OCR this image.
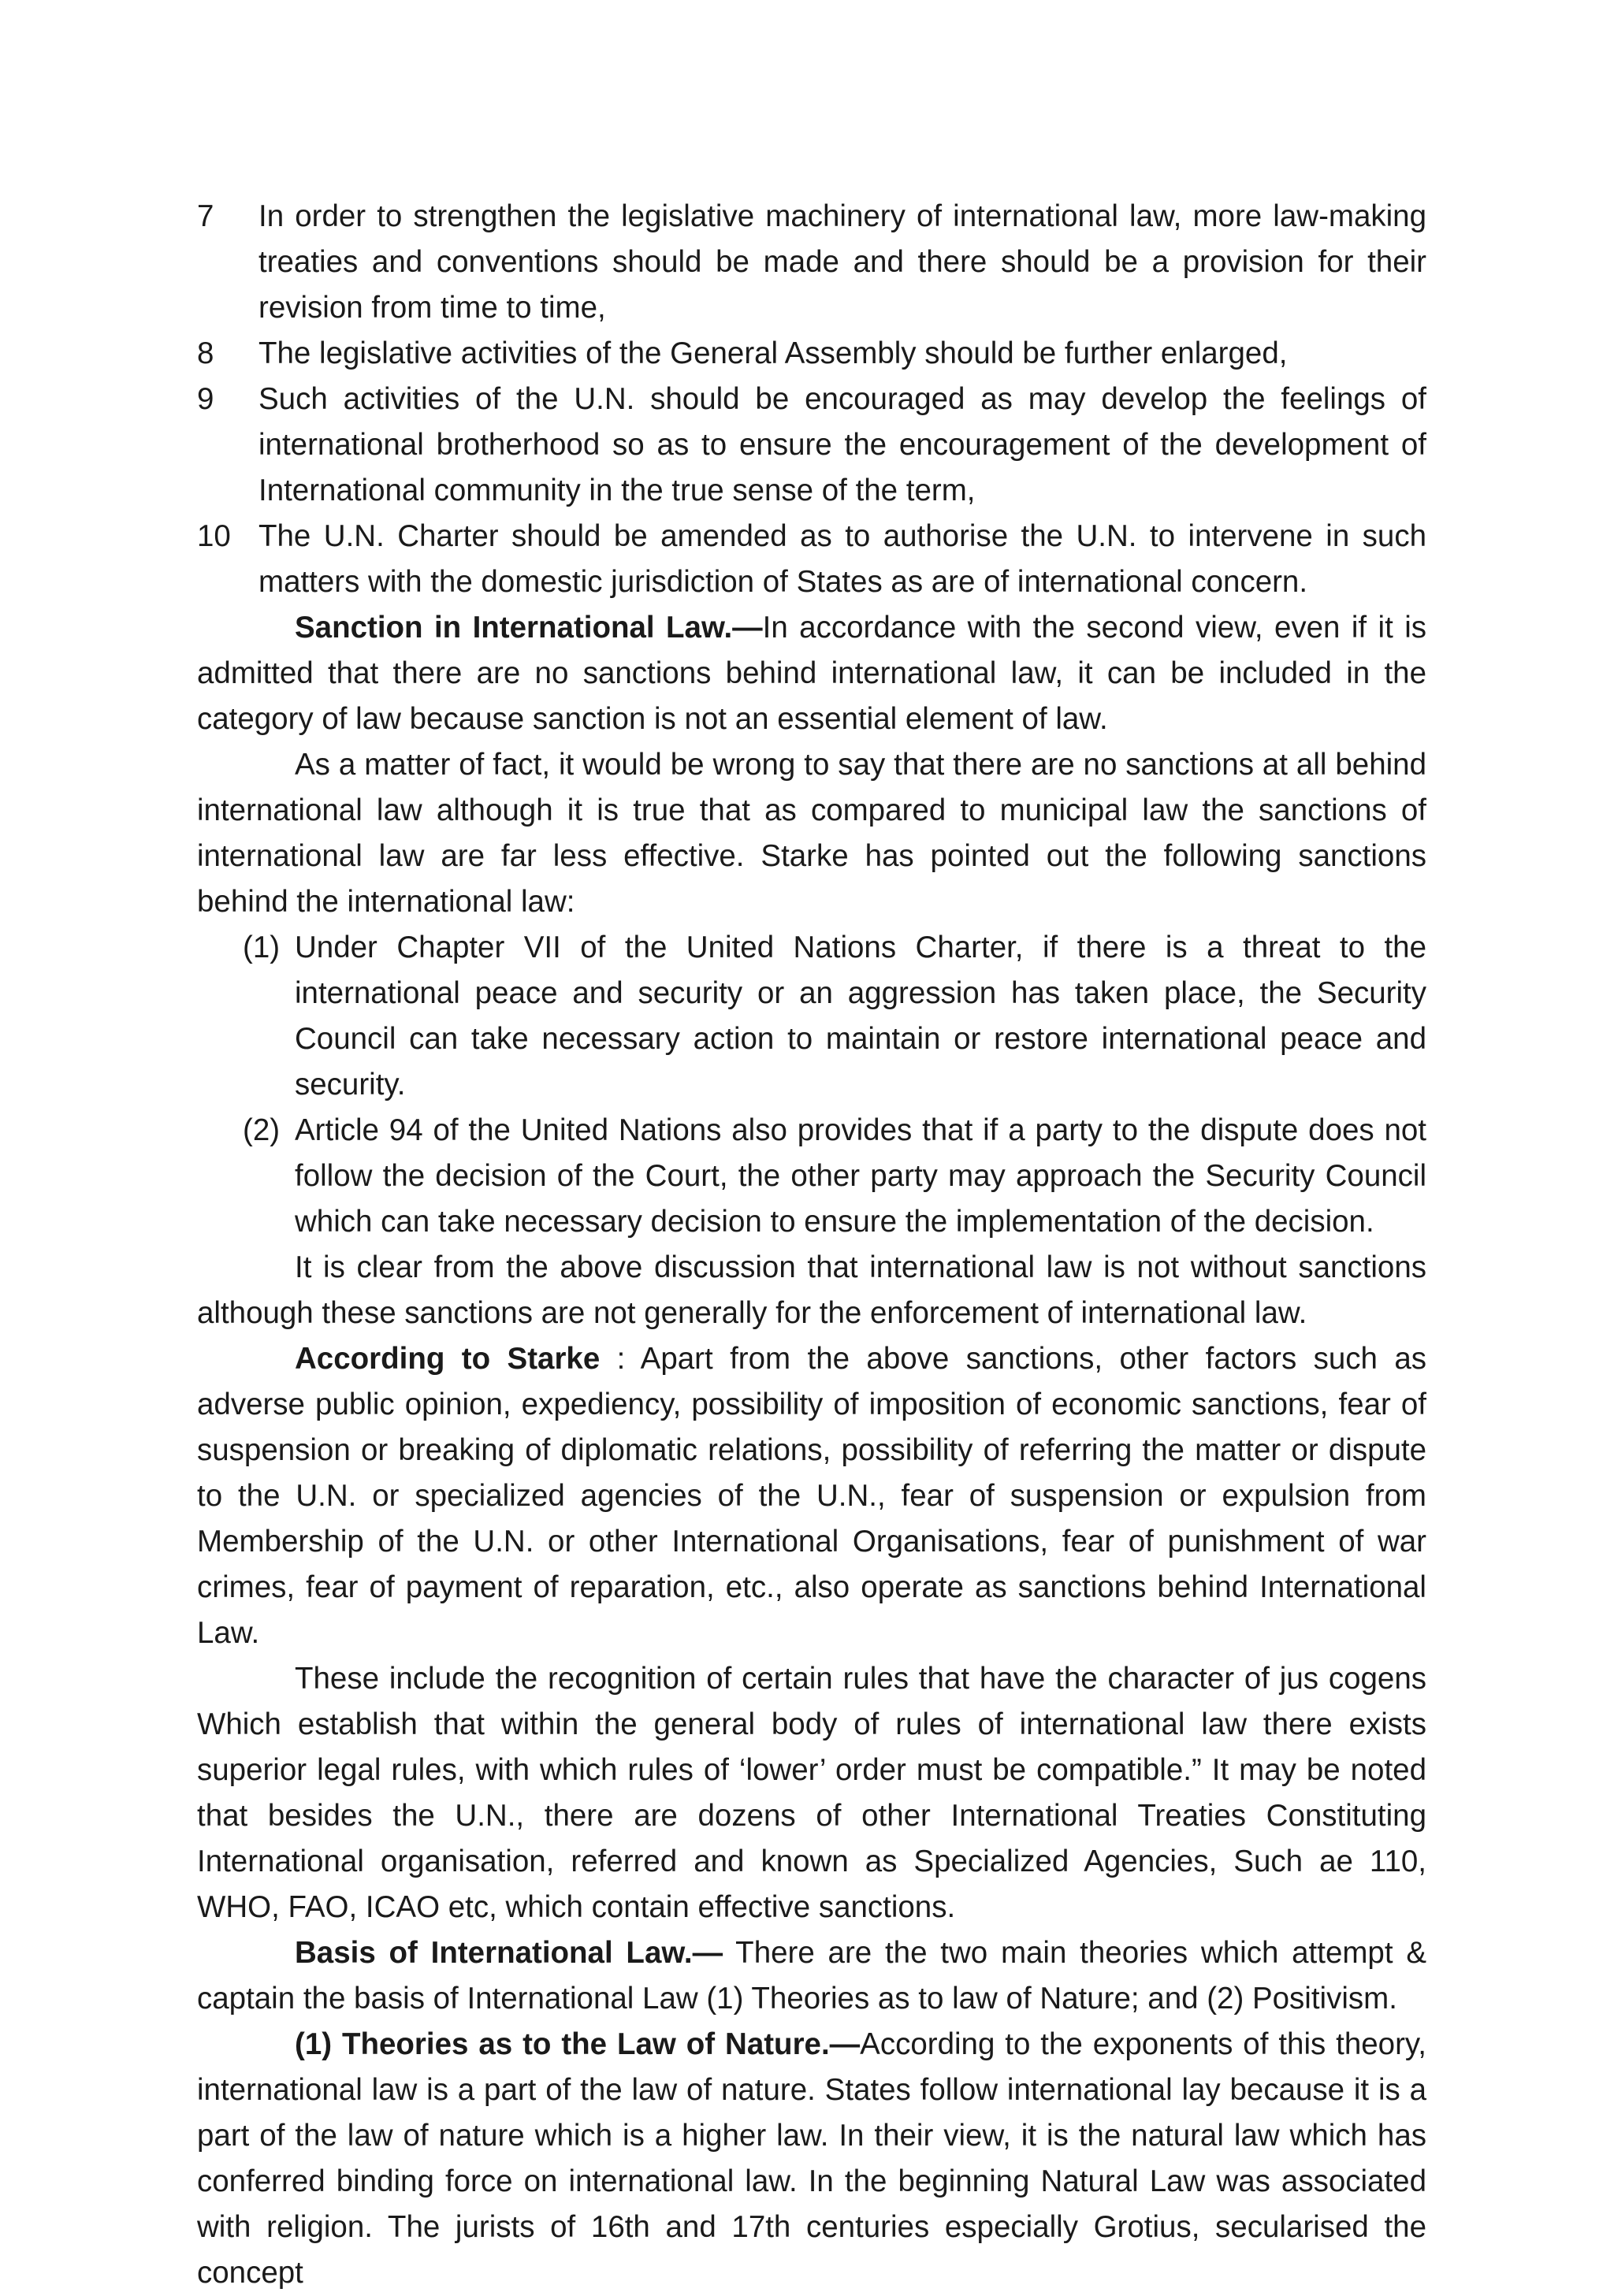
7	In order to strengthen the legislative machinery of international law, more law-making treaties and conventions should be made and there should be a provision for their revision from time to time,
8	The legislative activities of the General Assembly should be further enlarged,
9	Such activities of the U.N. should be encouraged as may develop the feelings of international brotherhood so as to ensure the encouragement of the development of International community in the true sense of the term,
10 The U.N. Charter should be amended as to authorise the U.N. to intervene in such matters with the domestic jurisdiction of States as are of international concern.

Sanction in International Law.—In accordance with the second view, even if it is admitted that there are no sanctions behind international law, it can be included in the category of law because sanction is not an essential element of law.

As a matter of fact, it would be wrong to say that there are no sanctions at all behind international law although it is true that as compared to municipal law the sanctions of international law are far less effective. Starke has pointed out the following sanctions behind the international law:

(1) Under Chapter VII of the United Nations Charter, if there is a threat to the international peace and security or an aggression has taken place, the Security Council can take necessary action to maintain or restore international peace and security.
(2) Article 94 of the United Nations also provides that if a party to the dispute does not follow the decision of the Court, the other party may approach the Security Council which can take necessary decision to ensure the implementation of the decision.

It is clear from the above discussion that international law is not without sanctions although these sanctions are not generally for the enforcement of international law.

According to Starke : Apart from the above sanctions, other factors such as adverse public opinion, expediency, possibility of imposition of economic sanctions, fear of suspension or breaking of diplomatic relations, possibility of referring the matter or dispute to the U.N. or specialized agencies of the U.N., fear of suspension or expulsion from Membership of the U.N. or other International Organisations, fear of punishment of war crimes, fear of payment of reparation, etc., also operate as sanctions behind International Law.

These include the recognition of certain rules that have the character of jus cogens Which establish that within the general body of rules of international law there exists superior legal rules, with which rules of ‘lower’ order must be compatible.” It may be noted that besides the U.N., there are dozens of other International Treaties Constituting International organisation, referred and known as Specialized Agencies, Such ae 110, WHO, FAO, ICAO etc, which contain effective sanctions.

Basis of International Law.— There are the two main theories which attempt & captain the basis of International Law (1) Theories as to law of Nature; and (2) Positivism.

(1) Theories as to the Law of Nature.—According to the exponents of this theory, international law is a part of the law of nature. States follow international lay because it is a part of the law of nature which is a higher law. In their view, it is the natural law which has conferred binding force on international law. In the beginning Natural Law was associated with religion. The jurists of 16th and 17th centuries especially Grotius, secularised the concept
